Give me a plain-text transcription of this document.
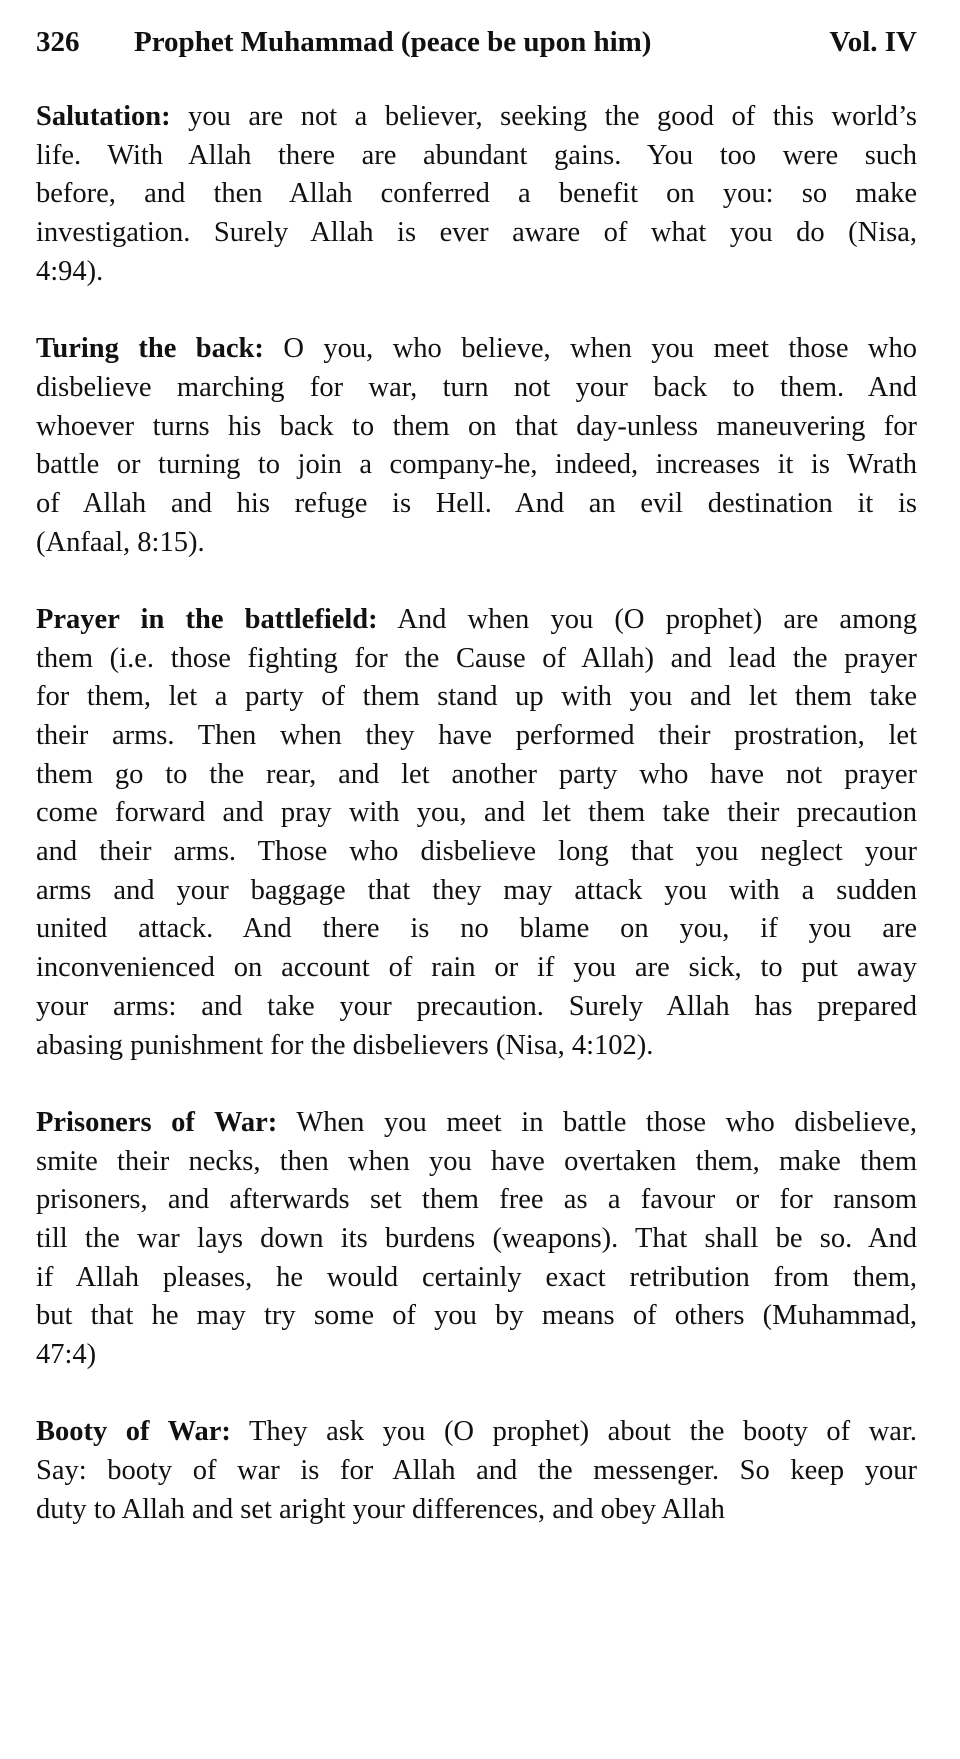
326 Prophet Muhammad (peace be upon him)	Vol. IV
Salutation: you are not a believer, seeking the good of this world’s
life. With Allah there are abundant gains. You too were such
before, and then Allah conferred a benefit on you: so make
investigation. Surely Allah is ever aware of what you do (Nisa,
4:94).
Turing the back: O you, who believe, when you meet those who
disbelieve marching for war, turn not your back to them. And
whoever turns his back to them on that day-unless maneuvering for
battle or turning to join a company-he, indeed, increases it is Wrath
of Allah and his refuge is Hell. And an evil destination it is
(Anfaal, 8:15).
Prayer in the battlefield: And when you (O prophet) are among
them (i.e. those fighting for the Cause of Allah) and lead the prayer
for them, let a party of them stand up with you and let them take
their arms. Then when they have performed their prostration, let
them go to the rear, and let another party who have not prayer
come forward and pray with you, and let them take their precaution
and their arms. Those who disbelieve long that you neglect your
arms and your baggage that they may attack you with a sudden
united attack. And there is no blame on you, if you are
inconvenienced on account of rain or if you are sick, to put away
your arms: and take your precaution. Surely Allah has prepared
abasing punishment for the disbelievers (Nisa, 4:102).
Prisoners of War: When you meet in battle those who disbelieve,
smite their necks, then when you have overtaken them, make them
prisoners, and afterwards set them free as a favour or for ransom
till the war lays down its burdens (weapons). That shall be so. And
if Allah pleases, he would certainly exact retribution from them,
but that he may try some of you by means of others (Muhammad,
47:4)
Booty of War: They ask you (O prophet) about the booty of war.
Say: booty of war is for Allah and the messenger. So keep your
duty to Allah and set aright your differences, and obey Allah
